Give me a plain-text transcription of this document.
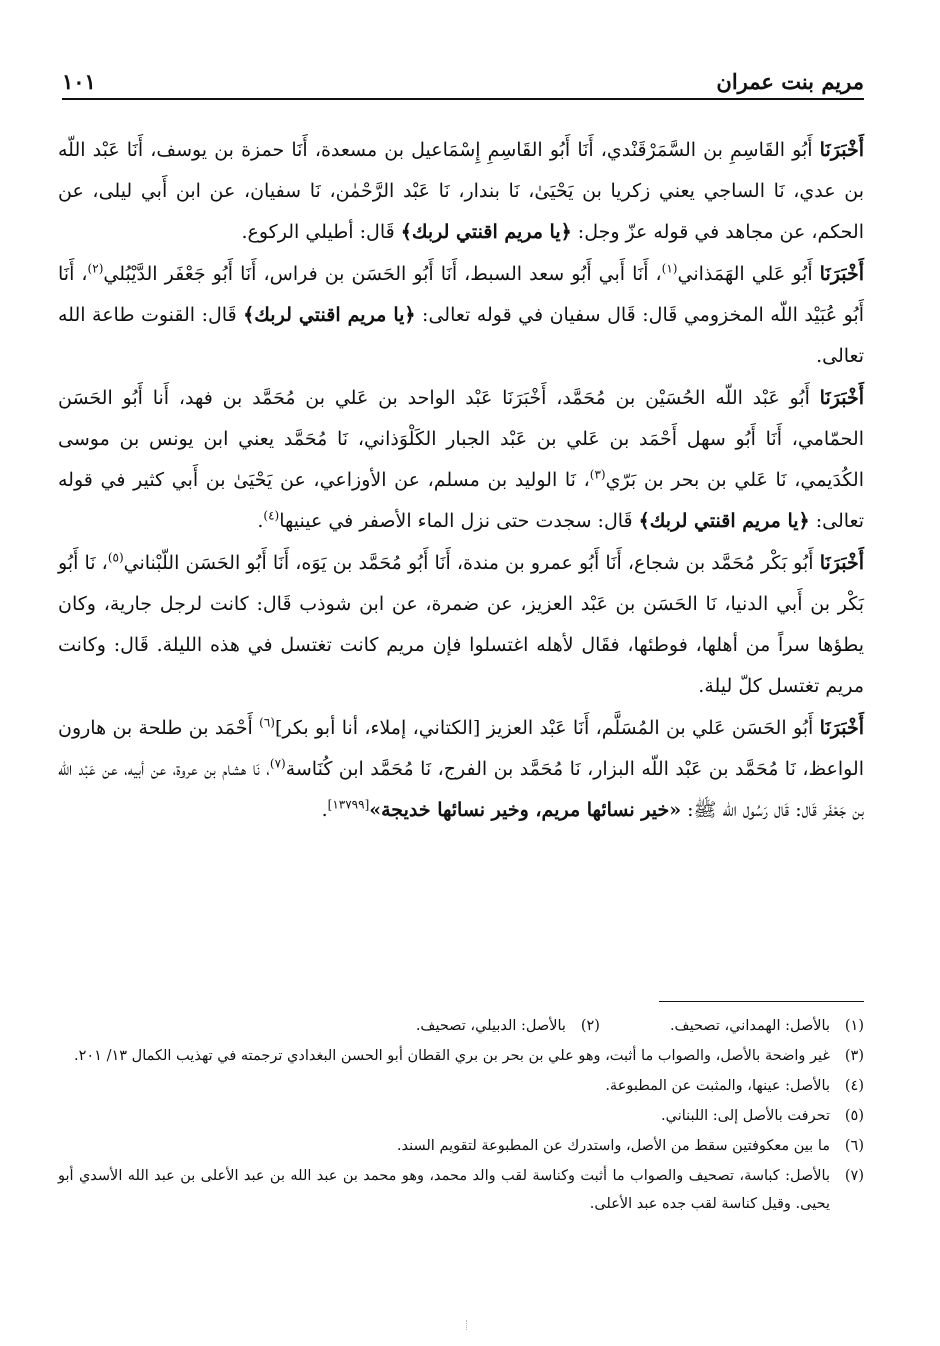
مريم بنت عمران
١٠١

أَخْبَرَنَا أَبُو القَاسِمِ بن السَّمَرْقَنْدي، أَنَا أَبُو القَاسِمِ إِسْمَاعيل بن مسعدة، أَنَا حمزة بن يوسف، أَنَا عَبْد اللّه بن عدي، نَا الساجي يعني زكريا بن يَحْيَىٰ، نَا بندار، نَا عَبْد الرَّحْمٰن، نَا سفيان، عن ابن أَبي ليلى، عن الحكم، عن مجاهد في قوله عزّ وجل: ﴿يا مريم اقنتي لربك﴾ قَال: أطيلي الركوع.

أَخْبَرَنَا أَبُو عَلي الهَمَذاني$^{(١)}$، أَنَا أَبي أَبُو سعد السبط، أَنَا أَبُو الحَسَن بن فراس، أَنَا أَبُو جَعْفَر الدَّيْبُلي$^{(٢)}$، أَنَا أَبُو عُبَيْد اللّه المخزومي قَال: قَال سفيان في قوله تعالى: ﴿يا مريم اقنتي لربك﴾ قَال: القنوت طاعة الله تعالى.

أَخْبَرَنَا أَبُو عَبْد اللّه الحُسَيْن بن مُحَمَّد، أَخْبَرَنَا عَبْد الواحد بن عَلي بن مُحَمَّد بن فهد، أَنا أَبُو الحَسَن الحمّامي، أَنَا أَبُو سهل أَحْمَد بن عَلي بن عَبْد الجبار الكَلْوَذاني، نَا مُحَمَّد يعني ابن يونس بن موسى الكُدَيمي، نَا عَلي بن بحر بن بَرّي$^{(٣)}$، نَا الوليد بن مسلم، عن الأوزاعي، عن يَحْيَىٰ بن أَبي كثير في قوله تعالى: ﴿يا مريم اقنتي لربك﴾ قَال: سجدت حتى نزل الماء الأصفر في عينيها$^{(٤)}$.

أَخْبَرَنَا أَبُو بَكْر مُحَمَّد بن شجاع، أَنَا أَبُو عمرو بن مندة، أَنَا أَبُو مُحَمَّد بن يَوَه، أَنَا أَبُو الحَسَن اللّبْناني$^{(٥)}$، نَا أَبُو بَكْر بن أَبي الدنيا، نَا الحَسَن بن عَبْد العزيز، عن ضمرة، عن ابن شوذب قَال: كانت لرجل جارية، وكان يطؤها سراً من أهلها، فوطئها، فقَال لأهله اغتسلوا فإن مريم كانت تغتسل في هذه الليلة. قَال: وكانت مريم تغتسل كلّ ليلة.

أَخْبَرَنَا أَبُو الحَسَن عَلي بن المُسَلَّم، أَنَا عَبْد العزيز [الكتاني، إملاء، أنا أبو بكر]$^{(٦)}$ أَحْمَد بن طلحة بن هارون الواعظ، نَا مُحَمَّد بن عَبْد اللّه البزار، نَا مُحَمَّد بن الفرج، نَا مُحَمَّد ابن كُنَاسة$^{(٧)}$، نَا هشام بن عروة، عن أبيه، عن عَبْد اللّه بن جَعْفَر قَال: قَال رَسُول الله ﷺ: «خير نسائها مريم، وخير نسائها خديجة»[١٣٧٩٩].

(١)
بالأصل: الهمداني، تصحيف.
(٢)
بالأصل: الدبيلي، تصحيف.
(٣)
غير واضحة بالأصل، والصواب ما أثبت، وهو علي بن بحر بن بري القطان أبو الحسن البغدادي ترجمته في تهذيب الكمال ١٣/ ٢٠١.
(٤)
بالأصل: عينها، والمثبت عن المطبوعة.
(٥)
تحرفت بالأصل إلى: اللبناني.
(٦)
ما بين معكوفتين سقط من الأصل، واستدرك عن المطبوعة لتقويم السند.
(٧)
بالأصل: كباسة، تصحيف والصواب ما أثبت وكناسة لقب والد محمد، وهو محمد بن عبد الله بن عبد الأعلى بن عبد الله الأسدي أبو يحيى. وقيل كناسة لقب جده عبد الأعلى.
